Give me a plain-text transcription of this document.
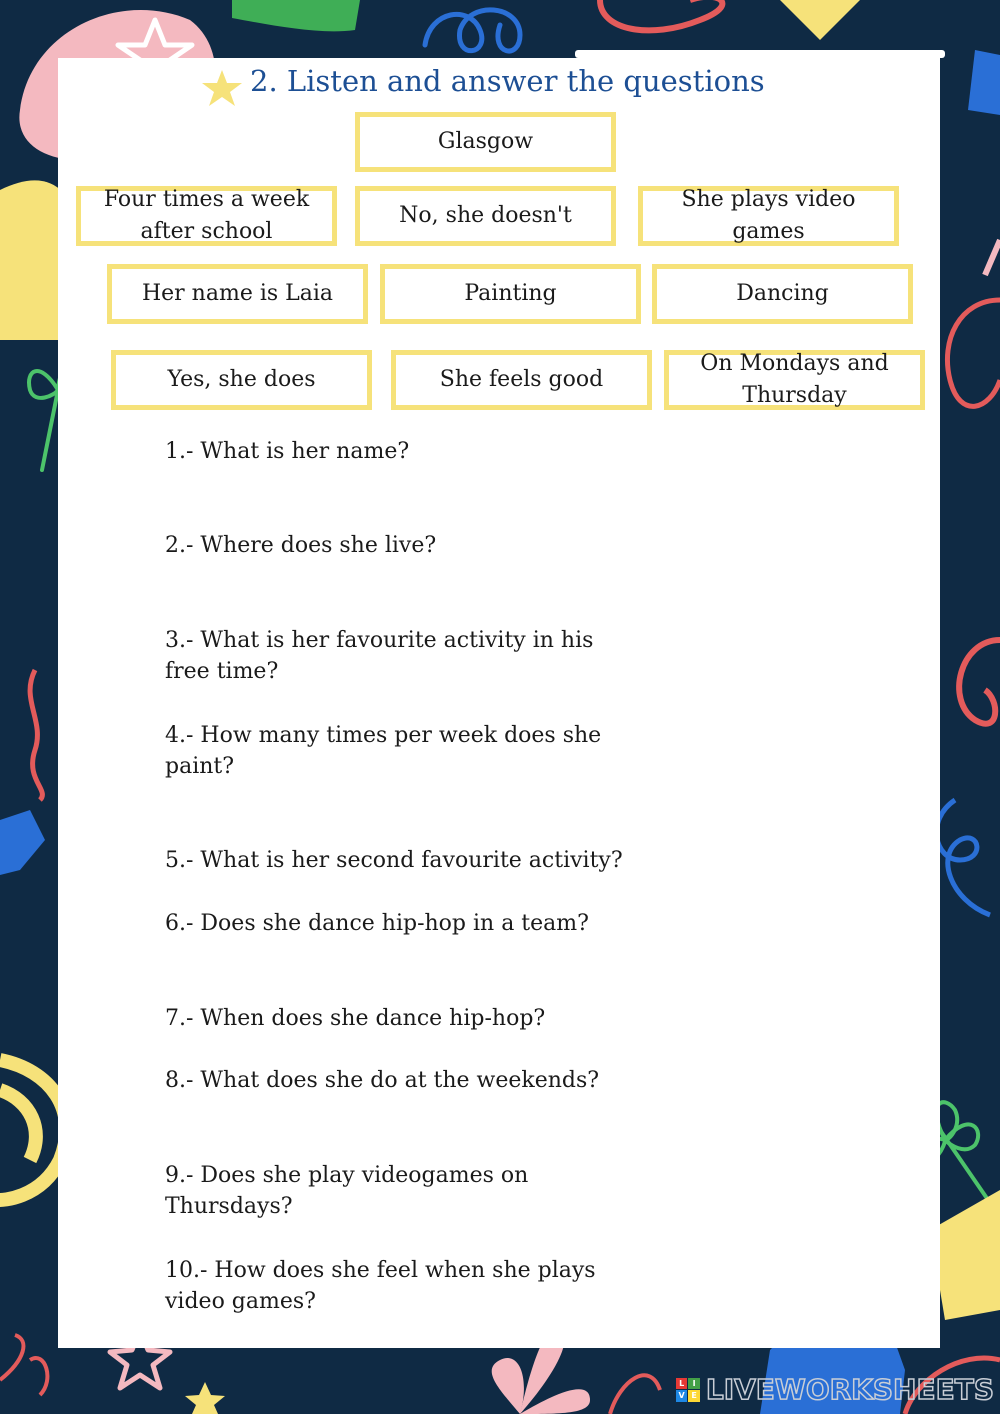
2. Listen and answer the questions
Glasgow
Four times a week after school
No, she doesn't
She plays video games
Her name is Laia	Painting	Dancing
Yes, she does	She feels good
On Mondays and Thursday
1.- What is her name?
2.- Where does she live?
3.- What is her favourite activity in his free time?
4.- How many times per week does she paint?
5.- What is her second favourite activity?
6.- Does she dance hip-hop in a team?
7.- When does she dance hip-hop?
8.- What does she do at the weekends?
9.- Does she play videogames on Thursdays?
10.- How does she feel when she plays video games?
L	I
V E LIVEWORKSHEETS
